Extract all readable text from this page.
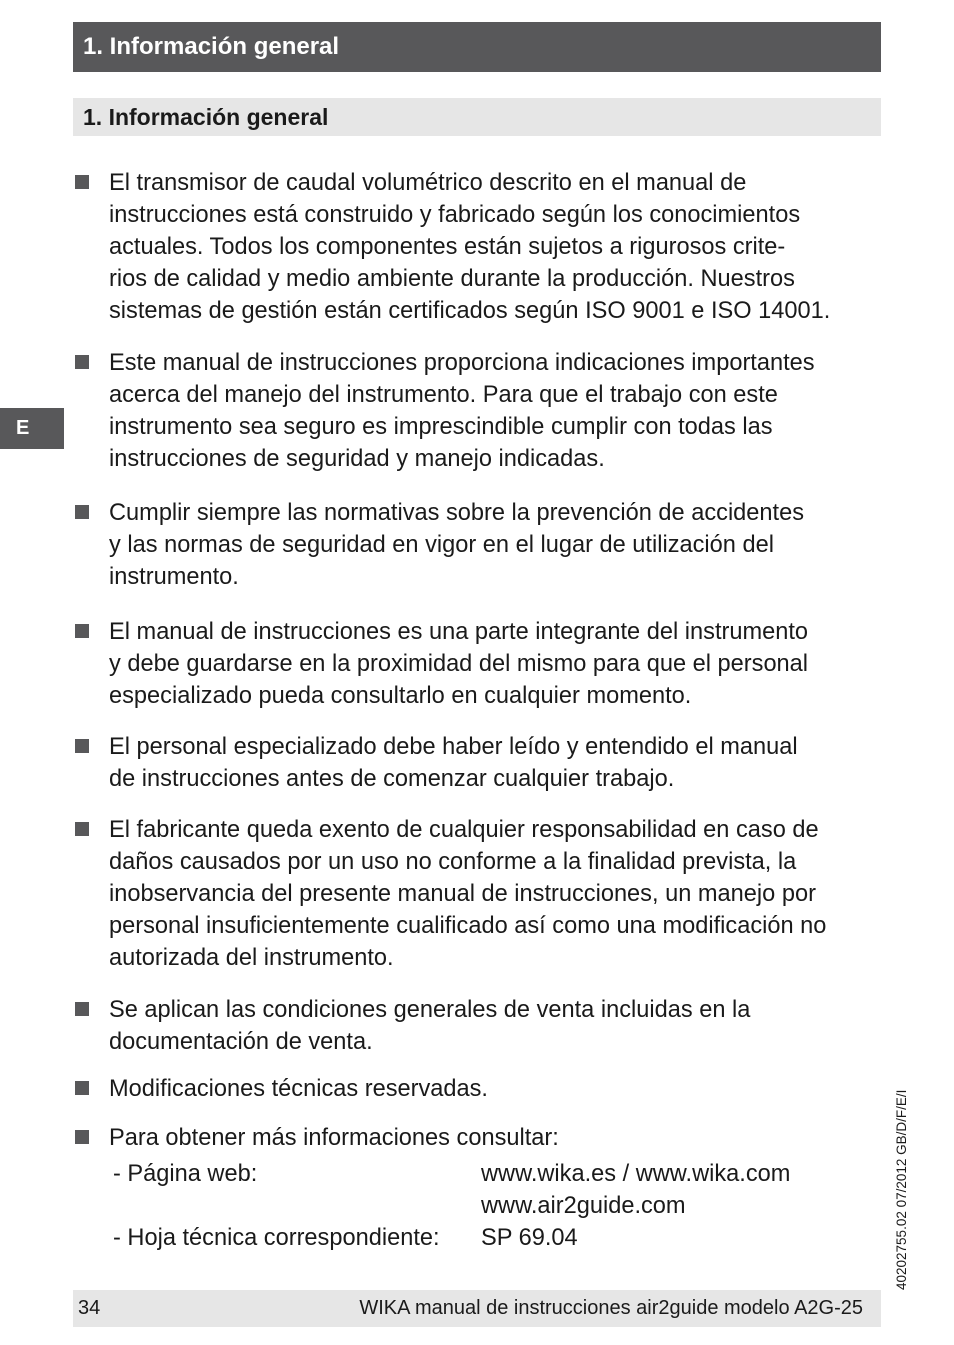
1. Información general
1. Información general
E
El transmisor de caudal volumétrico descrito en el manual de
instrucciones está construido y fabricado según los conocimientos
actuales. Todos los componentes están sujetos a rigurosos crite-
rios de calidad y medio ambiente durante la producción. Nuestros
sistemas de gestión están certificados según ISO 9001 e ISO 14001.
Este manual de instrucciones proporciona indicaciones importantes
acerca del manejo del instrumento. Para que el trabajo con este
instrumento sea seguro es imprescindible cumplir con todas las
instrucciones de seguridad y manejo indicadas.
Cumplir siempre las normativas sobre la prevención de accidentes
y las normas de seguridad en vigor en el lugar de utilización del
instrumento.
El manual de instrucciones es una parte integrante del instrumento
y debe guardarse en la proximidad del mismo para que el personal
especializado pueda consultarlo en cualquier momento.
El personal especializado debe haber leído y entendido el manual
de instrucciones antes de comenzar cualquier trabajo.
El fabricante queda exento de cualquier responsabilidad en caso de
daños causados por un uso no conforme a la finalidad prevista, la
inobservancia del presente manual de instrucciones, un manejo por
personal insuficientemente cualificado así como una modificación no
autorizada del instrumento.
Se aplican las condiciones generales de venta incluidas en la
documentación de venta.
Modificaciones técnicas reservadas.
Para obtener más informaciones consultar:
- Página web:	www.wika.es / www.wika.com
www.air2guide.com
- Hoja técnica correspondiente: SP 69.04	40202755.02 07/2012 GB/D/F/E/I
34	WIKA manual de instrucciones air2guide modelo A2G-25
